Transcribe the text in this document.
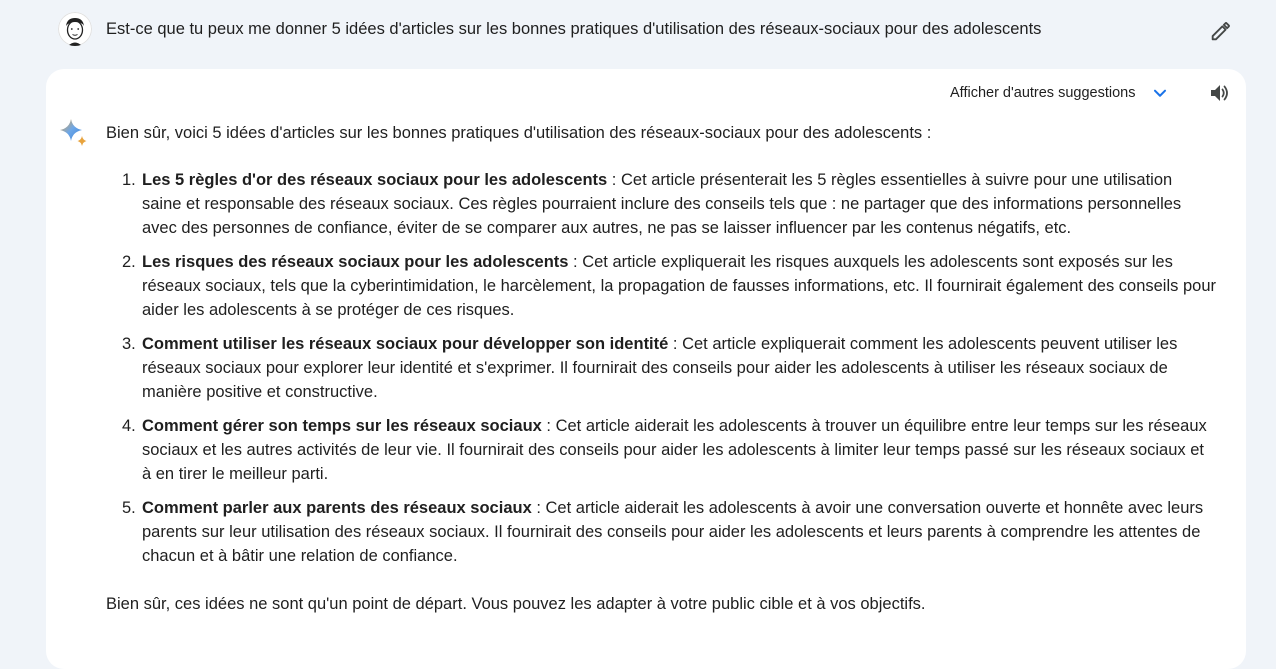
Est-ce que tu peux me donner 5 idées d'articles sur les bonnes pratiques d'utilisation des réseaux-sociaux pour des adolescents
Afficher d'autres suggestions
Bien sûr, voici 5 idées d'articles sur les bonnes pratiques d'utilisation des réseaux-sociaux pour des adolescents :
1. Les 5 règles d'or des réseaux sociaux pour les adolescents : Cet article présenterait les 5 règles essentielles à suivre pour une utilisation saine et responsable des réseaux sociaux. Ces règles pourraient inclure des conseils tels que : ne partager que des informations personnelles avec des personnes de confiance, éviter de se comparer aux autres, ne pas se laisser influencer par les contenus négatifs, etc.
2. Les risques des réseaux sociaux pour les adolescents : Cet article expliquerait les risques auxquels les adolescents sont exposés sur les réseaux sociaux, tels que la cyberintimidation, le harcèlement, la propagation de fausses informations, etc. Il fournirait également des conseils pour aider les adolescents à se protéger de ces risques.
3. Comment utiliser les réseaux sociaux pour développer son identité : Cet article expliquerait comment les adolescents peuvent utiliser les réseaux sociaux pour explorer leur identité et s'exprimer. Il fournirait des conseils pour aider les adolescents à utiliser les réseaux sociaux de manière positive et constructive.
4. Comment gérer son temps sur les réseaux sociaux : Cet article aiderait les adolescents à trouver un équilibre entre leur temps sur les réseaux sociaux et les autres activités de leur vie. Il fournirait des conseils pour aider les adolescents à limiter leur temps passé sur les réseaux sociaux et à en tirer le meilleur parti.
5. Comment parler aux parents des réseaux sociaux : Cet article aiderait les adolescents à avoir une conversation ouverte et honnête avec leurs parents sur leur utilisation des réseaux sociaux. Il fournirait des conseils pour aider les adolescents et leurs parents à comprendre les attentes de chacun et à bâtir une relation de confiance.
Bien sûr, ces idées ne sont qu'un point de départ. Vous pouvez les adapter à votre public cible et à vos objectifs.
